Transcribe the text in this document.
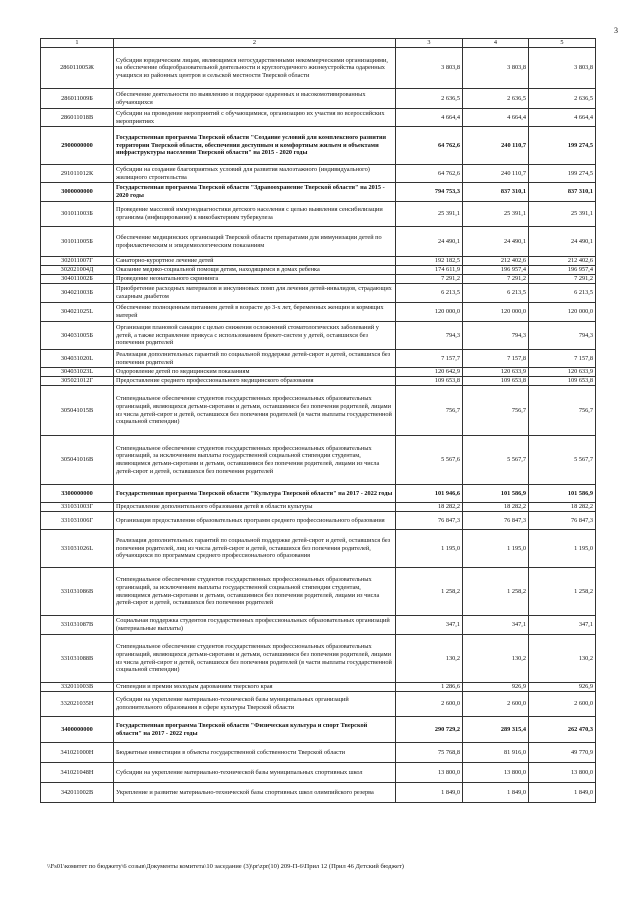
3
1	2	3	4	5
286011005Ж	Субсидия юридическим лицам, являющимся негосударственными некоммерческими организациями, на обеспечение общеобразовательной деятельности и круглогодичного жизнеустройства одаренных учащихся из районных центров и сельской местности Тверской области	3 803,8	3 803,8	3 803,8
286011009Б	Обеспечение деятельности по выявлению и поддержке одаренных и высокомотивированных обучающихся	2 636,5	2 636,5	2 636,5
286011018В	Субсидии на проведение мероприятий с обучающимися, организацию их участия во всероссийских мероприятиях	4 664,4	4 664,4	4 664,4
2900000000	Государственная программа Тверской области "Создание условий для комплексного развития территории Тверской области, обеспечения доступным и комфортным жильем и объектами инфраструктуры населения Тверской области" на 2015 - 2020 годы	64 762,6	240 110,7	199 274,5
291011012К	Субсидии на создание благоприятных условий для развития малоэтажного (индивидуального) жилищного строительства	64 762,6	240 110,7	199 274,5
3000000000	Государственная программа Тверской области "Здравоохранение Тверской области" на 2015 - 2020 годы	794 753,3	837 310,1	837 310,1
301011003Б	Проведение массовой иммунодиагностики детского населения с целью выявления сенсибилизации организма (инфицирования) к микобактериям туберкулеза	25 391,1	25 391,1	25 391,1
301011005Б	Обеспечение медицинских организаций Тверской области препаратами для иммунизации детей по профилактическим и эпидемиологическим показаниям	24 490,1	24 490,1	24 490,1
302011007Г	Санаторно-курортное лечение детей	192 182,5	212 402,6	212 402,6
302021004Д	Оказание медико-социальной помощи детям, находящимся в домах ребенка	174 611,9	196 957,4	196 957,4
304011002Б	Проведение неонатального скрининга	7 291,2	7 291,2	7 291,2
304021003Б	Приобретение расходных материалов и инсулиновых помп для лечения детей-инвалидов, страдающих сахарным диабетом	6 213,5	6 213,5	6 213,5
304021025L	Обеспечение полноценным питанием детей в возрасте до 3-х лет, беременных женщин и кормящих матерей	120 000,0	120 000,0	120 000,0
304031005Б	Организация плановой санации с целью снижения осложнений стоматологических заболеваний у детей, а также исправление прикуса с использованием брекет-систем у детей, оставшихся без попечения родителей	794,3	794,3	794,3
304031020L	Реализация дополнительных гарантий по социальной поддержке детей-сирот и детей, оставшихся без попечения родителей	7 157,7	7 157,8	7 157,8
304031023L	Оздоровление детей по медицинским показаниям	120 642,9	120 633,9	120 633,9
305021012Г	Предоставление среднего профессионального медицинского образования	109 653,8	109 653,8	109 653,8
305041015В	Стипендиальное обеспечение студентов государственных профессиональных образовательных организаций, являющихся детьми-сиротами и детьми, оставшимися без попечения родителей, лицами из числа детей-сирот и детей, оставшихся без попечения родителей (в части выплаты государственной социальной стипендии)	756,7	756,7	756,7
305041016В	Стипендиальное обеспечение студентов государственных профессиональных образовательных организаций, за исключением выплаты государственной социальной стипендии студентам, являющимся детьми-сиротами и детьми, оставшимися без попечения родителей, лицами из числа детей-сирот и детей, оставшихся без попечения родителей	5 567,6	5 567,7	5 567,7
3300000000	Государственная программа Тверской области "Культура Тверской области" на 2017 - 2022 годы	101 946,6	101 586,9	101 586,9
331031003Г	Предоставление дополнительного образования детей в области культуры	18 282,2	18 282,2	18 282,2
331031006Г	Организация предоставления образовательных программ среднего профессионального образования	76 847,3	76 847,3	76 847,3
331031026L	Реализация дополнительных гарантий по социальной поддержке детей-сирот и детей, оставшихся без попечения родителей, лиц из числа детей-сирот и детей, оставшихся без попечения родителей, обучающихся по программам среднего профессионального образования	1 195,0	1 195,0	1 195,0
331031086В	Стипендиальное обеспечение студентов государственных профессиональных образовательных организаций, за исключением выплаты государственной социальной стипендии студентам, являющимся детьми-сиротами и детьми, оставшимися без попечения родителей, лицами из числа детей-сирот и детей, оставшихся без попечения родителей	1 258,2	1 258,2	1 258,2
331031087В	Социальная поддержка студентов государственных профессиональных образовательных организаций (материальные выплаты)	347,1	347,1	347,1
331031088В	Стипендиальное обеспечение студентов государственных профессиональных образовательных организаций, являющихся детьми-сиротами и детьми, оставшимися без попечения родителей, лицами из числа детей-сирот и детей, оставшихся без попечения родителей (в части выплаты государственной социальной стипендии)	130,2	130,2	130,2
332011003В	Стипендии и премии молодым дарованиям тверского края	1 286,6	926,9	926,9
332021035Н	Субсидии на укрепление материально-технической базы муниципальных организаций дополнительного образования в сфере культуры Тверской области	2 600,0	2 600,0	2 600,0
3400000000	Государственная программа Тверской области "Физическая культура и спорт Тверской области" на 2017 - 2022 годы	290 729,2	289 315,4	262 470,3
341021000Н	Бюджетные инвестиции в объекты государственной собственности Тверской области	75 768,8	81 916,0	49 770,9
341021048Н	Субсидии на укрепление материально-технической базы муниципальных спортивных школ	13 800,0	13 800,0	13 800,0
342011002В	Укрепление и развитие материально-технической базы спортивных школ олимпийского резерва	1 849,0	1 849,0	1 849,0
\\Fs01\комитет по бюджету\6 созыв\Документы комитета\10 заседание (3)\pr\zpr(10) 209-П-6\Прил 12 (Прил 46 Детский бюджет)
